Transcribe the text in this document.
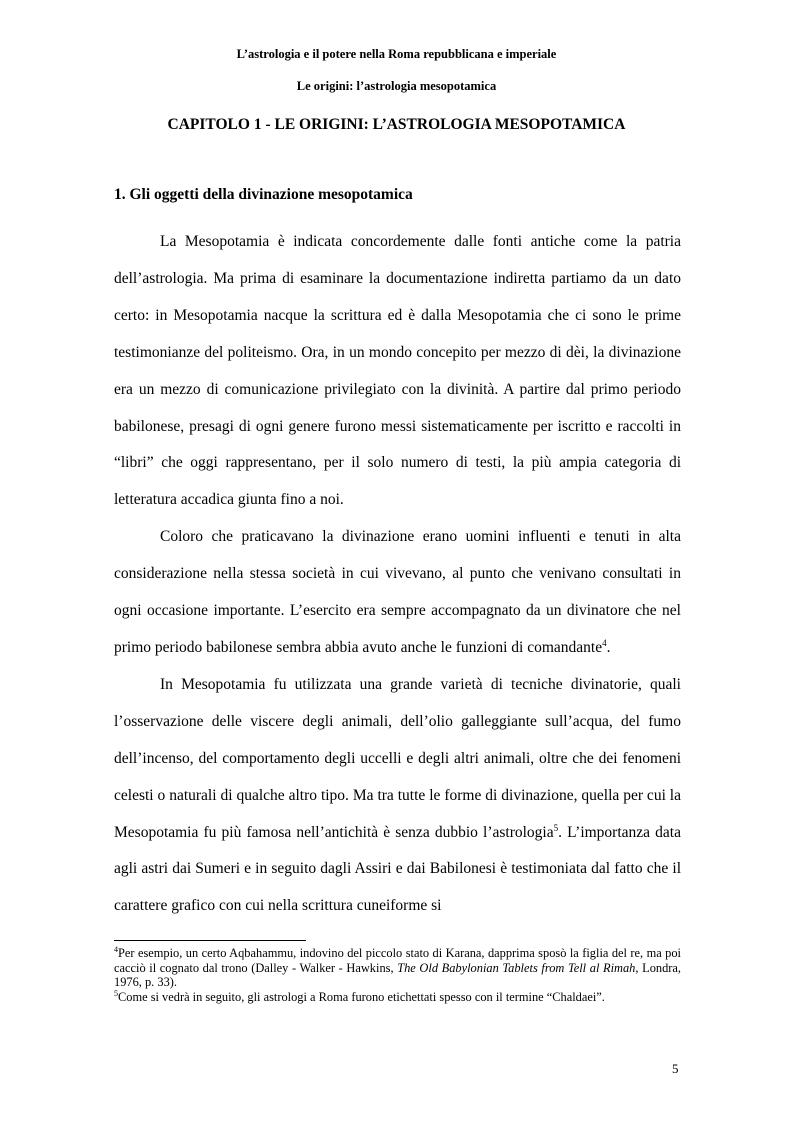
L’astrologia e il potere nella Roma repubblicana e imperiale
Le origini: l’astrologia mesopotamica
CAPITOLO 1 - LE ORIGINI: L’ASTROLOGIA MESOPOTAMICA
1. Gli oggetti della divinazione mesopotamica

La Mesopotamia è indicata concordemente dalle fonti antiche come la patria dell’astrologia. Ma prima di esaminare la documentazione indiretta partiamo da un dato certo: in Mesopotamia nacque la scrittura ed è dalla Mesopotamia che ci sono le prime testimonianze del politeismo. Ora, in un mondo concepito per mezzo di dèi, la divinazione era un mezzo di comunicazione privilegiato con la divinità. A partire dal primo periodo babilonese, presagi di ogni genere furono messi sistematicamente per iscritto e raccolti in “libri” che oggi rappresentano, per il solo numero di testi, la più ampia categoria di letteratura accadica giunta fino a noi.

Coloro che praticavano la divinazione erano uomini influenti e tenuti in alta considerazione nella stessa società in cui vivevano, al punto che venivano consultati in ogni occasione importante. L’esercito era sempre accompagnato da un divinatore che nel primo periodo babilonese sembra abbia avuto anche le funzioni di comandante$^4$.

In Mesopotamia fu utilizzata una grande varietà di tecniche divinatorie, quali l’osservazione delle viscere degli animali, dell’olio galleggiante sull’acqua, del fumo dell’incenso, del comportamento degli uccelli e degli altri animali, oltre che dei fenomeni celesti o naturali di qualche altro tipo. Ma tra tutte le forme di divinazione, quella per cui la Mesopotamia fu più famosa nell’antichità è senza dubbio l’astrologia$^5$. L’importanza data agli astri dai Sumeri e in seguito dagli Assiri e dai Babilonesi è testimoniata dal fatto che il carattere grafico con cui nella scrittura cuneiforme si

$^4$Per esempio, un certo Aqbahammu, indovino del piccolo stato di Karana, dapprima sposò la figlia del re, ma poi cacciò il cognato dal trono (Dalley - Walker - Hawkins, The Old Babylonian Tablets from Tell al Rimah, Londra, 1976, p. 33).

$^5$Come si vedrà in seguito, gli astrologi a Roma furono etichettati spesso con il termine “Chaldaei”.

5
